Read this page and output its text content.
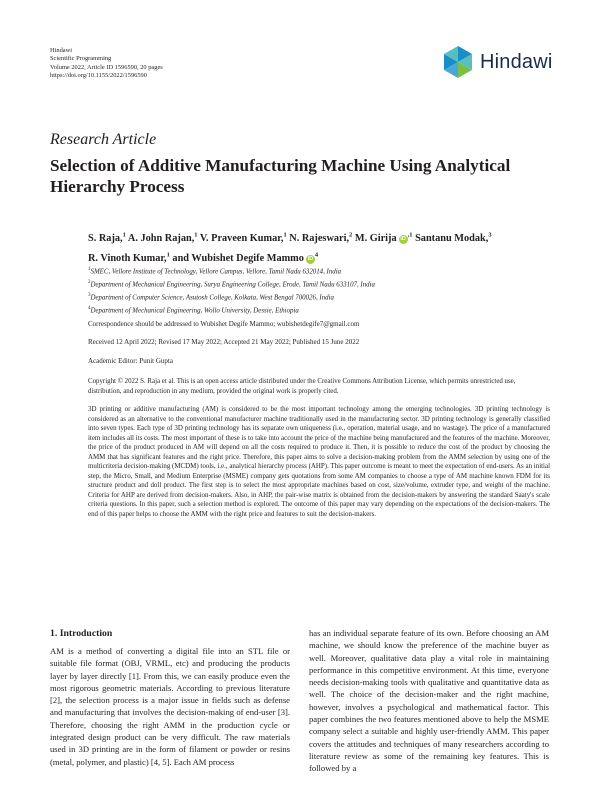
Hindawi
Scientific Programming
Volume 2022, Article ID 1596590, 20 pages
https://doi.org/10.1155/2022/1596590
Hindawi
Research Article
Selection of Additive Manufacturing Machine Using Analytical
Hierarchy Process
S. Raja,$^1$ A. John Rajan,$^1$ V. Praveen Kumar,$^1$ N. Rajeswari,$^2$ M. Girija $iD^{,1}$ Santanu Modak,$^3$
R. Vinoth Kumar,$^1$ and Wubishet Degife Mammo $iD^4$
$^1$SMEC, Vellore Institute of Technology, Vellore Campus, Vellore, Tamil Nadu 632014, India
$^2$Department of Mechanical Engineering, Surya Engineering College, Erode, Tamil Nadu 633107, India
$^3$Department of Computer Science, Asutosh College, Kolkata, West Bengal 700026, India
$^4$Department of Mechanical Engineering, Wollo University, Dessie, Ethiopia
Correspondence should be addressed to Wubishet Degife Mammo; wubishetdegife7@gmail.com
Received 12 April 2022; Revised 17 May 2022; Accepted 21 May 2022; Published 15 June 2022
Academic Editor: Punit Gupta
Copyright © 2022 S. Raja et al. This is an open access article distributed under the Creative Commons Attribution License, which permits unrestricted use, distribution, and reproduction in any medium, provided the original work is properly cited.

3D printing or additive manufacturing (AM) is considered to be the most important technology among the emerging technologies. 3D printing technology is considered as an alternative to the conventional manufacturer machine traditionally used in the manufacturing sector. 3D printing technology is generally classified into seven types. Each type of 3D printing technology has its separate own uniqueness (i.e., operation, material usage, and no wastage). The price of a manufactured item includes all its costs. The most important of these is to take into account the price of the machine being manufactured and the features of the machine. Moreover, the price of the product produced in AM will depend on all the costs required to produce it. Then, it is possible to reduce the cost of the product by choosing the AMM that has significant features and the right price. Therefore, this paper aims to solve a decision-making problem from the AMM selection by using one of the multicriteria decision-making (MCDM) tools, i.e., analytical hierarchy process (AHP). This paper outcome is meant to meet the expectation of end-users. As an initial step, the Micro, Small, and Medium Enterprise (MSME) company gets quotations from some AM companies to choose a type of AM machine known FDM for its structure product and doll product. The first step is to select the most appropriate machines based on cost, size/volume, extruder type, and weight of the machine. Criteria for AHP are derived from decision-makers. Also, in AHP, the pair-wise matrix is obtained from the decision-makers by answering the standard Saaty's scale criteria questions. In this paper, such a selection method is explored. The outcome of this paper may vary depending on the expectations of the decision-makers. The end of this paper helps to choose the AMM with the right price and features to suit the decision-makers.

1. Introduction

AM is a method of converting a digital file into an STL file or suitable file format (OBJ, VRML, etc) and producing the products layer by layer directly [1]. From this, we can easily produce even the most rigorous geometric materials. According to previous literature [2], the selection process is a major issue in fields such as defense and manufacturing that involves the decision-making of end-user [3]. Therefore, choosing the right AMM in the production cycle or integrated design product can be very difficult. The raw materials used in 3D printing are in the form of filament or powder or resins (metal, polymer, and plastic) [4, 5]. Each AM process

has an individual separate feature of its own. Before choosing an AM machine, we should know the preference of the machine buyer as well. Moreover, qualitative data play a vital role in maintaining performance in this competitive environment. At this time, everyone needs decision-making tools with qualitative and quantitative data as well. The choice of the decision-maker and the right machine, however, involves a psychological and mathematical factor. This paper combines the two features mentioned above to help the MSME company select a suitable and highly user-friendly AMM. This paper covers the attitudes and techniques of many researchers according to literature review as some of the remaining key features. This is followed by a
